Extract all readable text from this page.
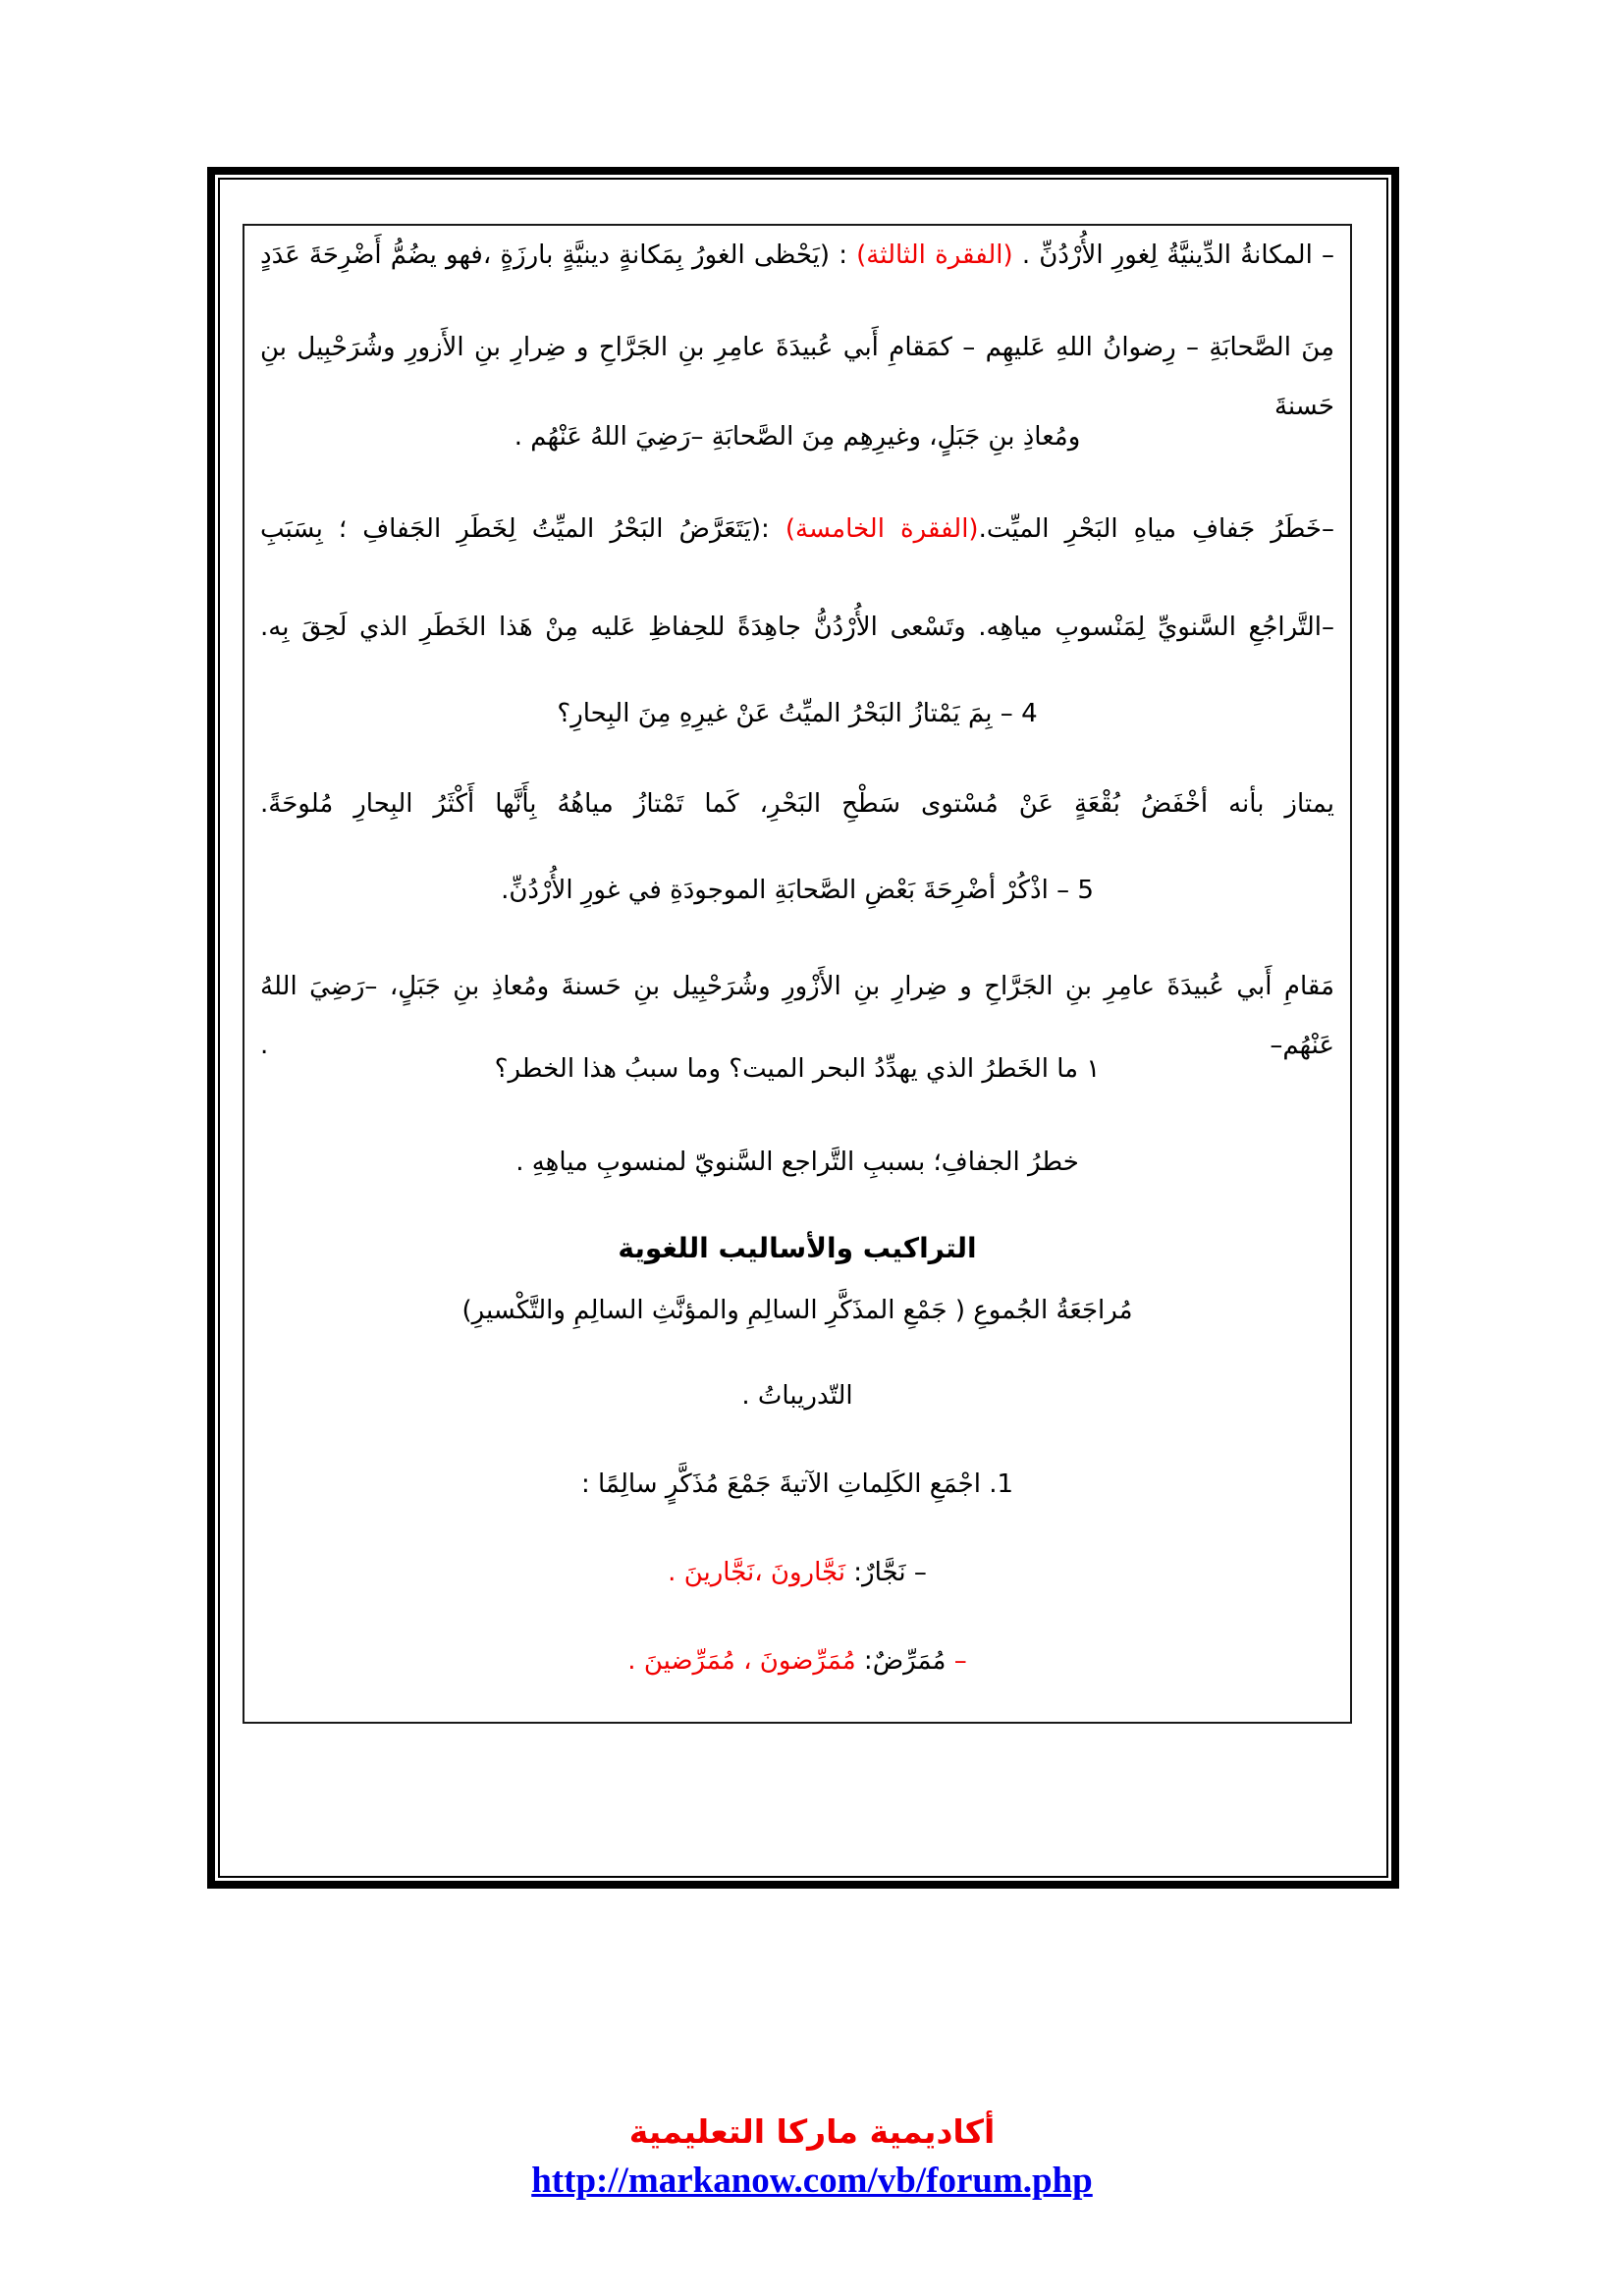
– المكانةُ الدِّينيَّةُ لِغورِ الأُرْدُنِّ . (الفقرة الثالثة) : (يَحْظى الغورُ بِمَكانةٍ دينيَّةٍ بارزَةٍ ،فهو يضُمُّ أَضْرِحَةَ عَدَدٍ
مِنَ الصَّحابَةِ – رِضوانُ اللهِ عَليهِم – كمَقامِ أَبي عُبيدَةَ عامِرِ بنِ الجَرَّاحِ و ضِرارِ بنِ الأَزورِ وشُرَحْبِيل بنِ حَسنةَ
ومُعاذِ بنِ جَبَلٍ، وغيرِهِم مِنَ الصَّحابَةِ –رَضِيَ اللهُ عَنْهُم .
–خَطَرُ جَفافِ مياهِ البَحْرِ الميِّت.(الفقرة الخامسة) :(يَتَعَرَّضُ البَحْرُ الميِّتُ لِخَطَرِ الجَفافِ ؛ بِسَبَبِ
–التَّراجُعِ السَّنويِّ لِمَنْسوبِ مياهِه. وتَسْعى الأُرْدُنُّ جاهِدَةً للحِفاظِ عَليه مِنْ هَذا الخَطَرِ الذي لَحِقَ بِه.
4 – بِمَ يَمْتازُ البَحْرُ الميِّتُ عَنْ غيرِهِ مِنَ البِحارِ؟
يمتاز بأنه أخْفَضُ بُقْعَةٍ عَنْ مُسْتوى سَطْحِ البَحْرِ، كَما تَمْتازُ مياهُهُ بِأَنَّها أَكْثَرُ البِحارِ مُلوحَةً.
5 – اذْكُرْ أضْرِحَةَ بَعْضِ الصَّحابَةِ الموجودَةِ في غورِ الأُرْدُنِّ.
مَقامِ أَبي عُبيدَةَ عامِرِ بنِ الجَرَّاحِ و ضِرارِ بنِ الأَزْورِ وشُرَحْبِيل بنِ حَسنةَ ومُعاذِ بنِ جَبَلٍ، –رَضِيَ اللهُ عَنْهُم– .
١ ما الخَطرُ الذي يهدِّدُ البحر الميت؟ وما سببُ هذا الخطر؟
خطرُ الجفافِ؛ بسببِ التَّراجع السَّنويّ لمنسوبِ مياهِهِ .
التراكيب والأساليب اللغوية
مُراجَعَةُ الجُموعِ ( جَمْعِ المذَكَّرِ السالِمِ والمؤنَّثِ السالِمِ والتَّكْسيرِ)
التّدريباتُ .
1. اجْمَعِ الكَلِماتِ الآتيةَ جَمْعَ مُذَكَّرٍ سالِمًا :
– نَجَّارٌ: نَجَّارونَ ،نَجَّارينَ .
– مُمَرِّضٌ: مُمَرِّضونَ ، مُمَرِّضينَ .
أكاديمية ماركا التعليمية
http://markanow.com/vb/forum.php
